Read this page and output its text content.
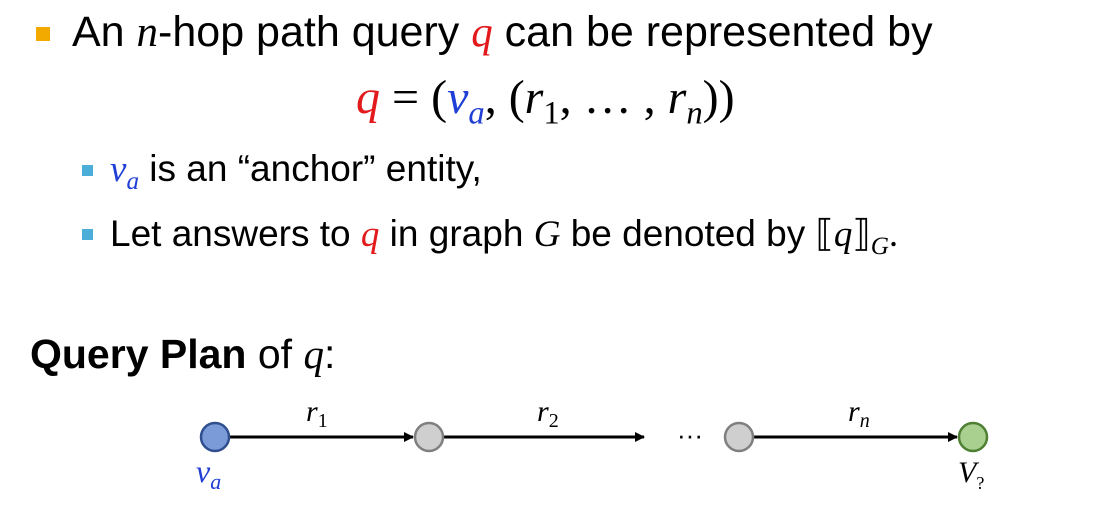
An n-hop path query q can be represented by
$q = (v_a$, ($r_1$, … , $r_n$))
$v_a$ is an “anchor” entity,
Let answers to q in graph G be denoted by $⟦q⟧_G$.
Query Plan of q:
···
$r_1$	$r_2$	$r_n$
$v_a$	$V_?$
